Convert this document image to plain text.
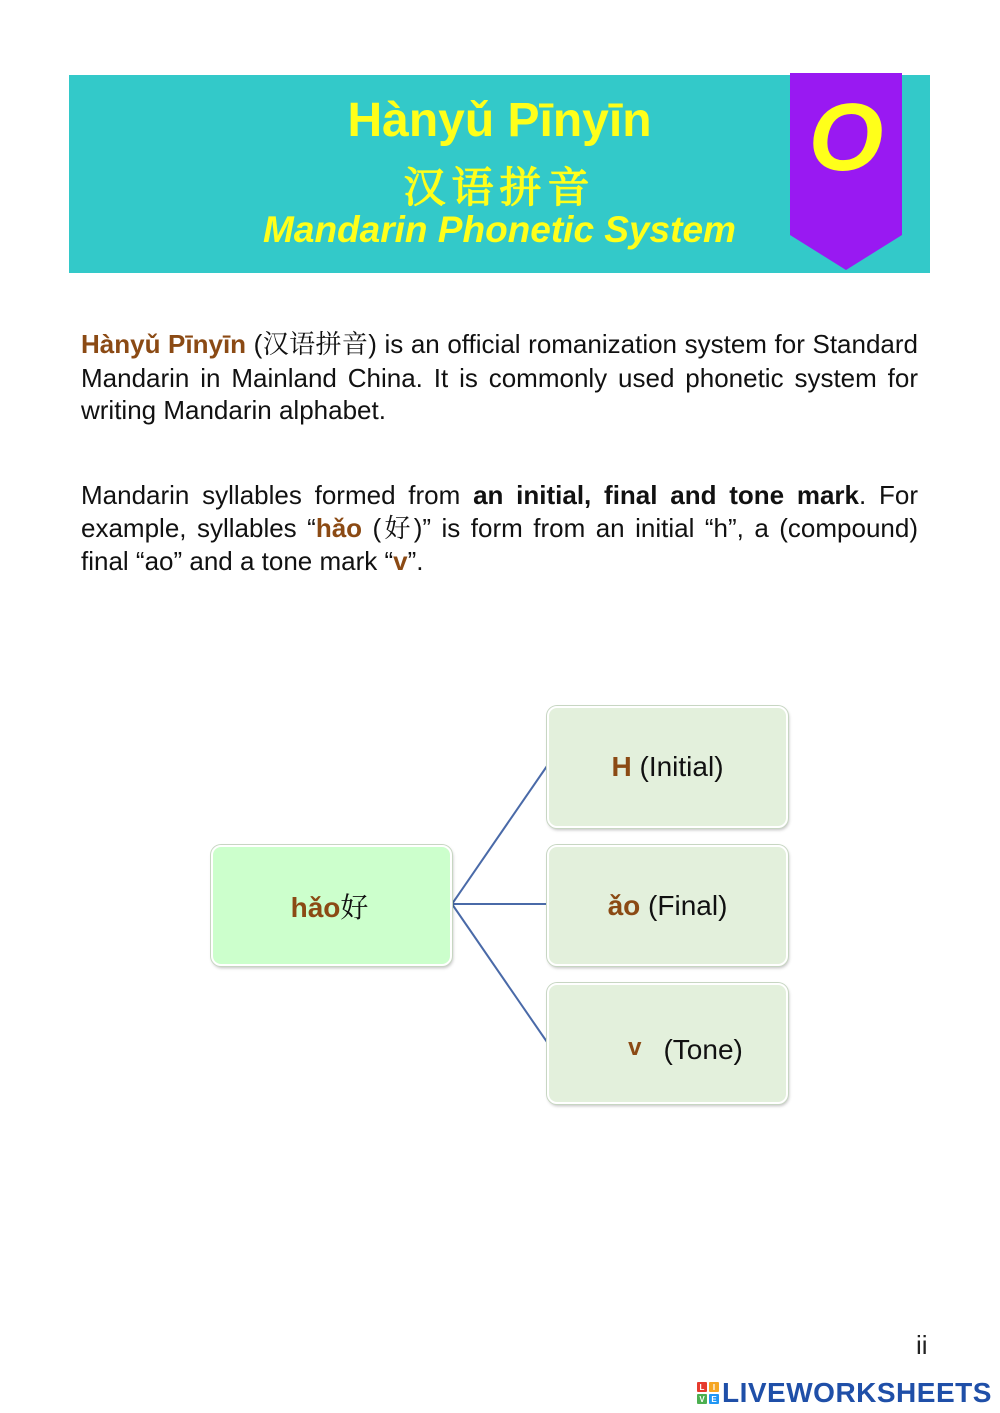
Hànyǔ Pīnyīn
汉语拼音
Mandarin Phonetic System
O
Hànyǔ Pīnyīn (汉语拼音) is an official romanization system for Standard Mandarin in Mainland China. It is commonly used phonetic system for writing Mandarin alphabet.
Mandarin syllables formed from an initial, final and tone mark. For example, syllables “hǎo (好)” is form from an initial “h”, a (compound) final “ao” and a tone mark “v”.
hǎo好
H (Initial)
ǎo (Final)
v (Tone)
ii
L	I
V E LIVEWORKSHEETS
